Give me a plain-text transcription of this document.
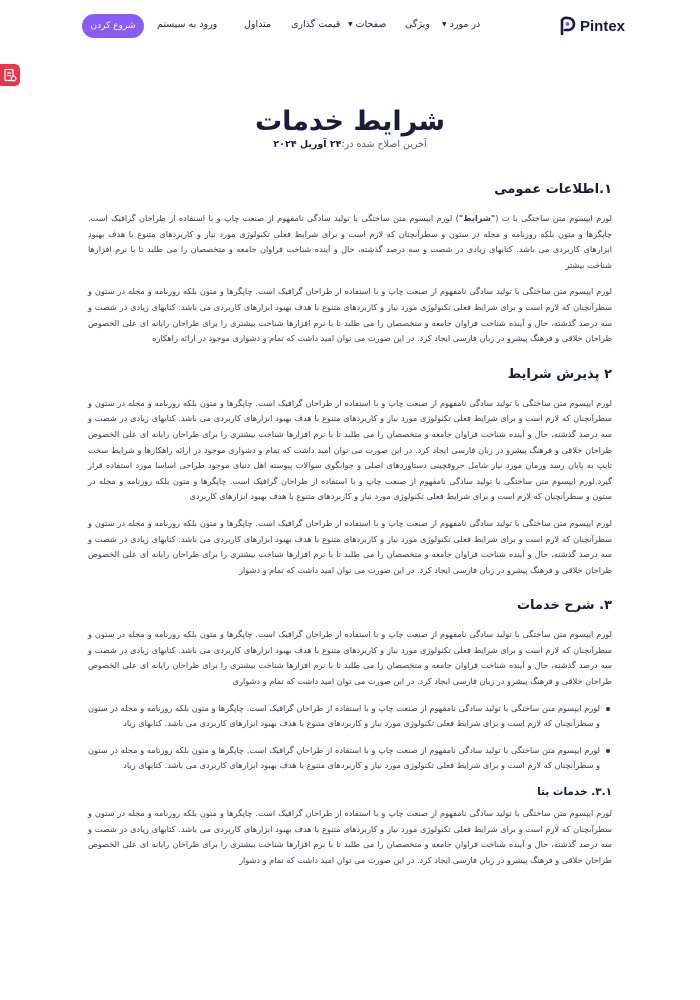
Pintex
در مورد▼
ویژگی
صفحات▼
قیمت گذاری
متداول
ورود به سیستم
شروع کردن
شرایط خدمات
آخرین اصلاح شده در:۲۴ آوریل ۲۰۲۴
۱.اطلاعات عمومی

لورم ایپسوم متن ساختگی با ت ("شرایط") لورم ایپسوم متن ساختگی با تولید سادگی نامفهوم از صنعت چاپ و با استفاده از طراحان گرافیک است. چاپگرها و متون بلکه روزنامه و مجله در ستون و سطرآنچنان که لازم است و برای شرایط فعلی تکنولوژی مورد نیاز و کاربردهای متنوع با هدف بهبود ابزارهای کاربردی می باشد. کتابهای زیادی در شصت و سه درصد گذشته، حال و آینده شناخت فراوان جامعه و متخصصان را می طلبد تا با نرم افزارها شناخت بیشتر

لورم ایپسوم متن ساختگی با تولید سادگی نامفهوم از صنعت چاپ و با استفاده از طراحان گرافیک است. چاپگرها و متون بلکه روزنامه و مجله در ستون و سطرآنچنان که لازم است و برای شرایط فعلی تکنولوژی مورد نیاز و کاربردهای متنوع با هدف بهبود ابزارهای کاربردی می باشد. کتابهای زیادی در شصت و سه درصد گذشته، حال و آینده شناخت فراوان جامعه و متخصصان را می طلبد تا با نرم افزارها شناخت بیشتری را برای طراحان رایانه ای علی الخصوص طراحان خلاقی و فرهنگ پیشرو در زبان فارسی ایجاد کرد. در این صورت می توان امید داشت که تمام و دشواری موجود در ارائه راهکاره

۲ پذیرش شرایط

لورم ایپسوم متن ساختگی با تولید سادگی نامفهوم از صنعت چاپ و با استفاده از طراحان گرافیک است. چاپگرها و متون بلکه روزنامه و مجله در ستون و سطرآنچنان که لازم است و برای شرایط فعلی تکنولوژی مورد نیاز و کاربردهای متنوع با هدف بهبود ابزارهای کاربردی می باشد. کتابهای زیادی در شصت و سه درصد گذشته، حال و آینده شناخت فراوان جامعه و متخصصان را می طلبد تا با نرم افزارها شناخت بیشتری را برای طراحان رایانه ای علی الخصوص طراحان خلاقی و فرهنگ پیشرو در زبان فارسی ایجاد کرد. در این صورت می توان امید داشت که تمام و دشواری موجود در ارائه راهکارها و شرایط سخت تایپ به پایان رسد وزمان مورد نیاز شامل حروفچینی دستاوردهای اصلی و جوابگوی سوالات پیوسته اهل دنیای موجود طراحی اساسا مورد استفاده قرار گیرد.لورم ایپسوم متن ساختگی با تولید سادگی نامفهوم از صنعت چاپ و با استفاده از طراحان گرافیک است. چاپگرها و متون بلکه روزنامه و مجله در ستون و سطرآنچنان که لازم است و برای شرایط فعلی تکنولوژی مورد نیاز و کاربردهای متنوع با هدف بهبود ابزارهای کاربردی

لورم ایپسوم متن ساختگی با تولید سادگی نامفهوم از صنعت چاپ و با استفاده از طراحان گرافیک است. چاپگرها و متون بلکه روزنامه و مجله در ستون و سطرآنچنان که لازم است و برای شرایط فعلی تکنولوژی مورد نیاز و کاربردهای متنوع با هدف بهبود ابزارهای کاربردی می باشد. کتابهای زیادی در شصت و سه درصد گذشته، حال و آینده شناخت فراوان جامعه و متخصصان را می طلبد تا با نرم افزارها شناخت بیشتری را برای طراحان رایانه ای علی الخصوص طراحان خلاقی و فرهنگ پیشرو در زبان فارسی ایجاد کرد. در این صورت می توان امید داشت که تمام و دشوار

۳. شرح خدمات

لورم ایپسوم متن ساختگی با تولید سادگی نامفهوم از صنعت چاپ و با استفاده از طراحان گرافیک است. چاپگرها و متون بلکه روزنامه و مجله در ستون و سطرآنچنان که لازم است و برای شرایط فعلی تکنولوژی مورد نیاز و کاربردهای متنوع با هدف بهبود ابزارهای کاربردی می باشد. کتابهای زیادی در شصت و سه درصد گذشته، حال و آینده شناخت فراوان جامعه و متخصصان را می طلبد تا با نرم افزارها شناخت بیشتری را برای طراحان رایانه ای علی الخصوص طراحان خلاقی و فرهنگ پیشرو در زبان فارسی ایجاد کرد. در این صورت می توان امید داشت که تمام و دشواری

لورم ایپسوم متن ساختگی با تولید سادگی نامفهوم از صنعت چاپ و با استفاده از طراحان گرافیک است. چاپگرها و متون بلکه روزنامه و مجله در ستون و سطرآنچنان که لازم است و برای شرایط فعلی تکنولوژی مورد نیاز و کاربردهای متنوع با هدف بهبود ابزارهای کاربردی می باشد. کتابهای زیاد
لورم ایپسوم متن ساختگی با تولید سادگی نامفهوم از صنعت چاپ و با استفاده از طراحان گرافیک است. چاپگرها و متون بلکه روزنامه و مجله در ستون و سطرآنچنان که لازم است و برای شرایط فعلی تکنولوژی مورد نیاز و کاربردهای متنوع با هدف بهبود ابزارهای کاربردی می باشد. کتابهای زیاد
۳.۱. خدمات بتا

لورم ایپسوم متن ساختگی با تولید سادگی نامفهوم از صنعت چاپ و با استفاده از طراحان گرافیک است. چاپگرها و متون بلکه روزنامه و مجله در ستون و سطرآنچنان که لازم است و برای شرایط فعلی تکنولوژی مورد نیاز و کاربردهای متنوع با هدف بهبود ابزارهای کاربردی می باشد. کتابهای زیادی در شصت و سه درصد گذشته، حال و آینده شناخت فراوان جامعه و متخصصان را می طلبد تا با نرم افزارها شناخت بیشتری را برای طراحان رایانه ای علی الخصوص طراحان خلاقی و فرهنگ پیشرو در زبان فارسی ایجاد کرد. در این صورت می توان امید داشت که تمام و دشوار
